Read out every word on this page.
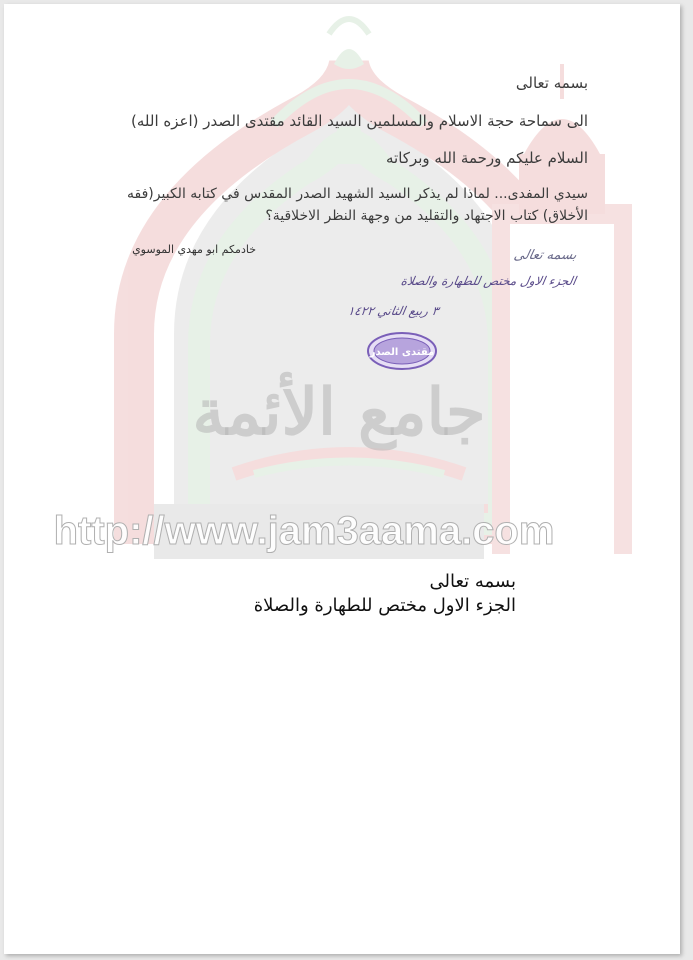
جامع الأئمة
http://www.jam3aama.com
بسمه تعالى
الى سماحة حجة الاسلام والمسلمين السيد القائد مقتدى الصدر (اعزه الله)
السلام عليكم ورحمة الله وبركاته
سيدي المفدى... لماذا لم يذكر السيد الشهيد الصدر المقدس في كتابه الكبير(فقه
الأخلاق) كتاب الاجتهاد والتقليد من وجهة النظر الاخلاقية؟
خادمكم ابو مهدي الموسوي	بسمه تعالى
الجزء الاول مختص للطهارة والصلاة
٣ ربيع الثاني ١٤٢٢
مقتدى الصدر
بسمه تعالى
الجزء الاول مختص للطهارة والصلاة
